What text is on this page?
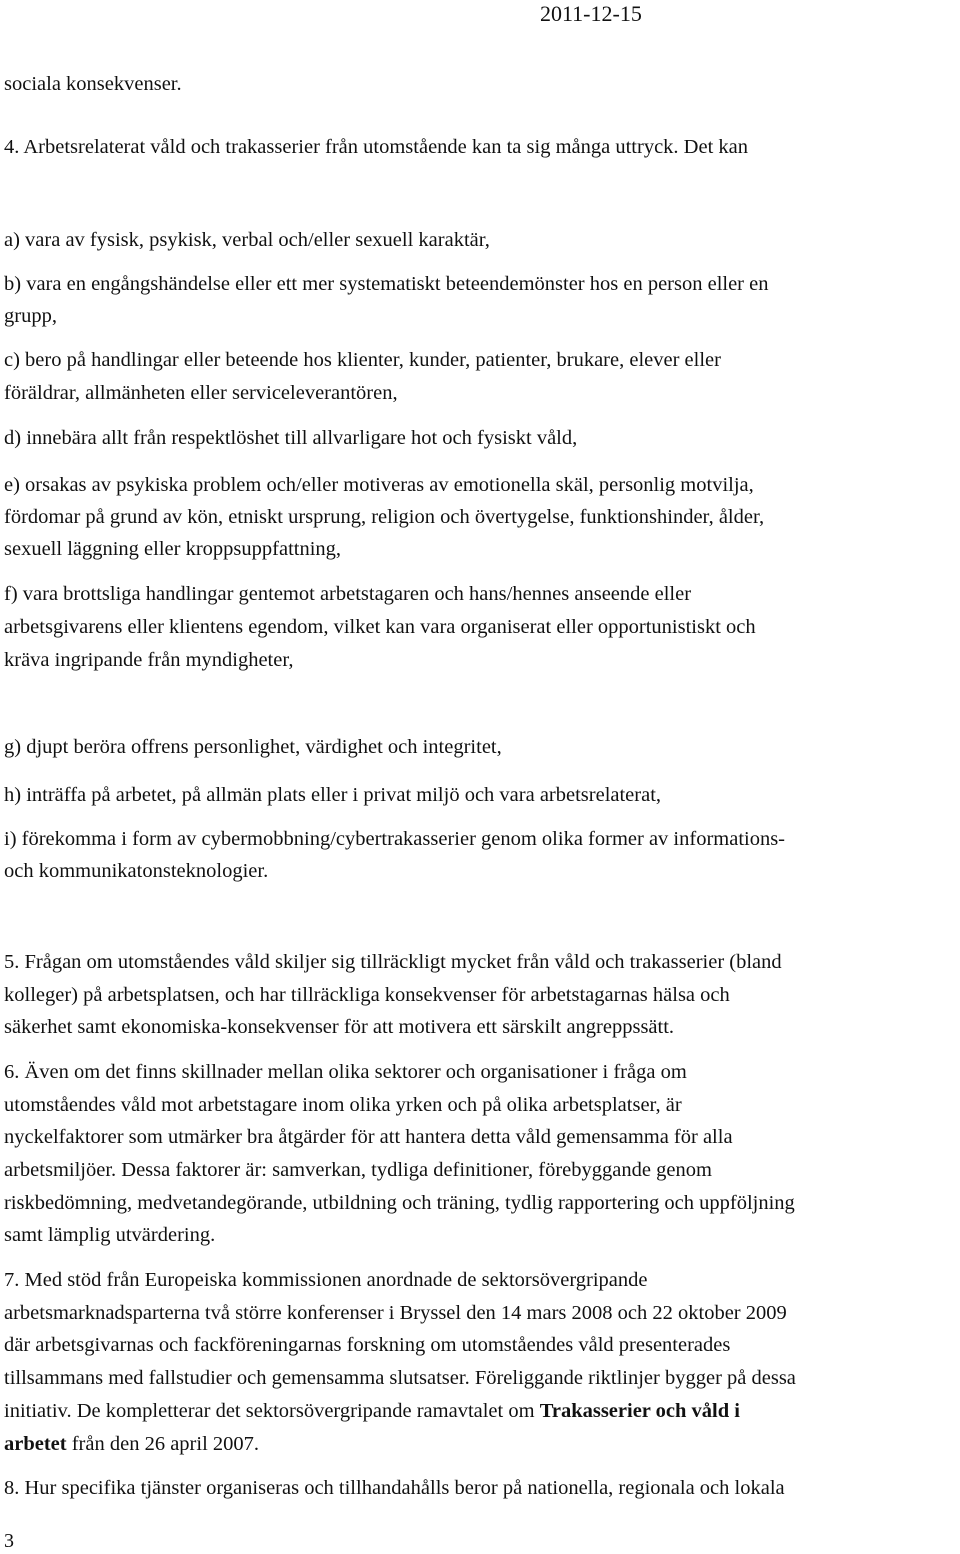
2011-12-15

sociala konsekvenser.

4. Arbetsrelaterat våld och trakasserier från utomstående kan ta sig många uttryck. Det kan

a) vara av fysisk, psykisk, verbal och/eller sexuell karaktär,

b) vara en engångshändelse eller ett mer systematiskt beteendemönster hos en person eller en

grupp,

c) bero på handlingar eller beteende hos klienter, kunder, patienter, brukare, elever eller

föräldrar, allmänheten eller serviceleverantören,

d) innebära allt från respektlöshet till allvarligare hot och fysiskt våld,

e) orsakas av psykiska problem och/eller motiveras av emotionella skäl, personlig motvilja,

fördomar på grund av kön, etniskt ursprung, religion och övertygelse, funktionshinder, ålder,

sexuell läggning eller kroppsuppfattning,

f) vara brottsliga handlingar gentemot arbetstagaren och hans/hennes anseende eller

arbetsgivarens eller klientens egendom, vilket kan vara organiserat eller opportunistiskt och

kräva ingripande från myndigheter,

g) djupt beröra offrens personlighet, värdighet och integritet,

h) inträffa på arbetet, på allmän plats eller i privat miljö och vara arbetsrelaterat,

i) förekomma i form av cybermobbning/cybertrakasserier genom olika former av informations-

och kommunikatonsteknologier.

5. Frågan om utomståendes våld skiljer sig tillräckligt mycket från våld och trakasserier (bland

kolleger) på arbetsplatsen, och har tillräckliga konsekvenser för arbetstagarnas hälsa och

säkerhet samt ekonomiska-konsekvenser för att motivera ett särskilt angreppssätt.

6. Även om det finns skillnader mellan olika sektorer och organisationer i fråga om

utomståendes våld mot arbetstagare inom olika yrken och på olika arbetsplatser, är

nyckelfaktorer som utmärker bra åtgärder för att hantera detta våld gemensamma för alla

arbetsmiljöer. Dessa faktorer är: samverkan, tydliga definitioner, förebyggande genom

riskbedömning, medvetandegörande, utbildning och träning, tydlig rapportering och uppföljning

samt lämplig utvärdering.

7. Med stöd från Europeiska kommissionen anordnade de sektorsövergripande

arbetsmarknadsparterna två större konferenser i Bryssel den 14 mars 2008 och 22 oktober 2009

där arbetsgivarnas och fackföreningarnas forskning om utomståendes våld presenterades

tillsammans med fallstudier och gemensamma slutsatser. Föreliggande riktlinjer bygger på dessa

initiativ. De kompletterar det sektorsövergripande ramavtalet om Trakasserier och våld i

arbetet från den 26 april 2007.

8. Hur specifika tjänster organiseras och tillhandahålls beror på nationella, regionala och lokala

3
